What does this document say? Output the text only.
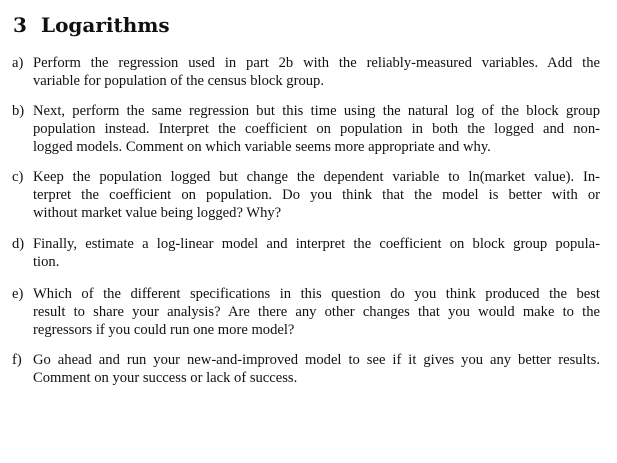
3 Logarithms
a) Perform the regression used in part 2b with the reliably-measured variables. Add the
variable for population of the census block group.
b) Next, perform the same regression but this time using the natural log of the block group
population instead. Interpret the coefficient on population in both the logged and non-
logged models. Comment on which variable seems more appropriate and why.
c) Keep the population logged but change the dependent variable to ln(market value). In-
terpret the coefficient on population. Do you think that the model is better with or
without market value being logged? Why?
d) Finally, estimate a log-linear model and interpret the coefficient on block group popula-
tion.
e) Which of the different specifications in this question do you think produced the best
result to share your analysis? Are there any other changes that you would make to the
regressors if you could run one more model?
f) Go ahead and run your new-and-improved model to see if it gives you any better results.
Comment on your success or lack of success.
